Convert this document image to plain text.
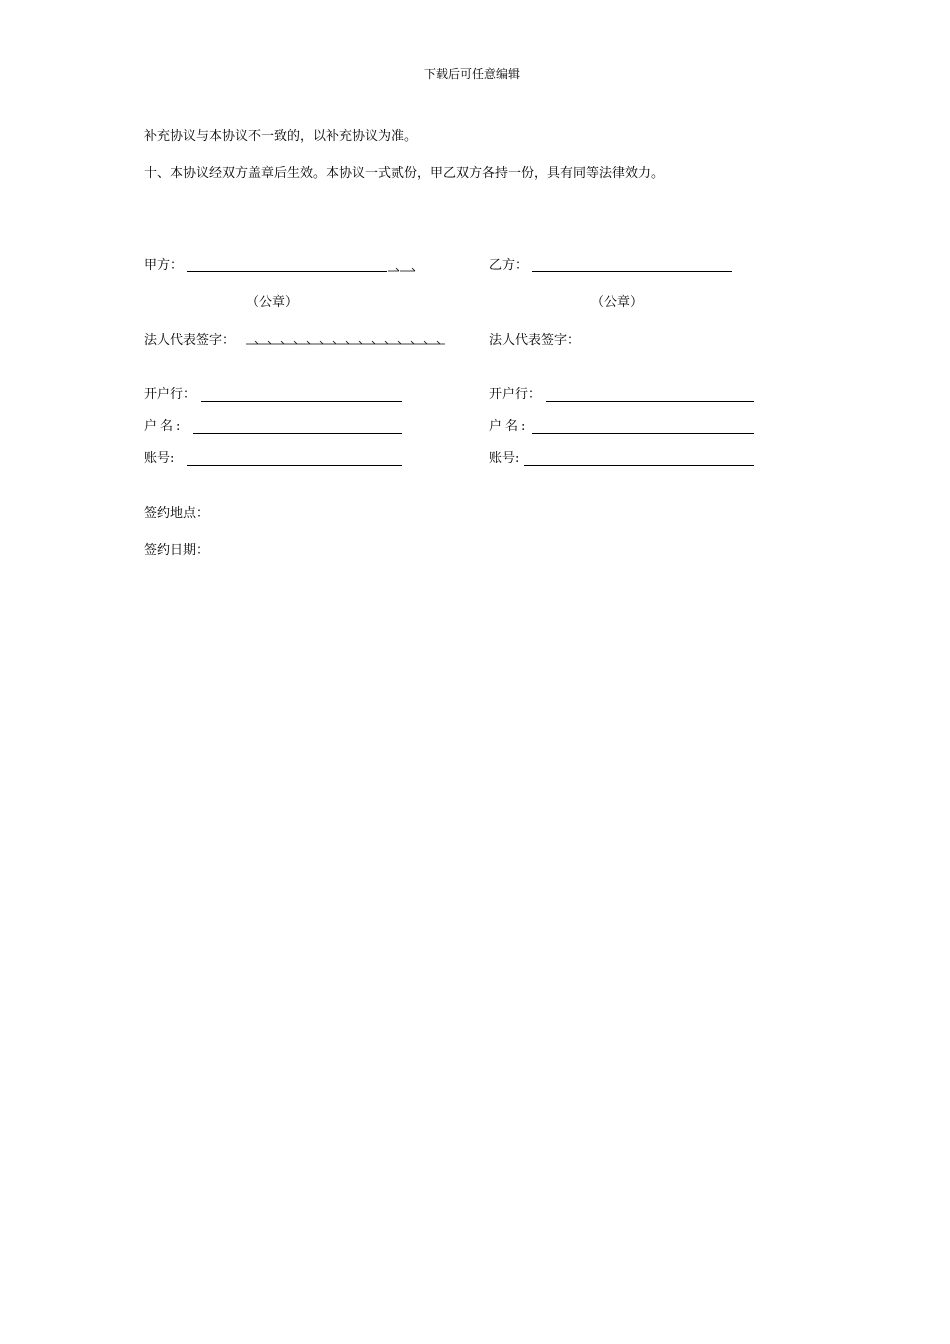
下载后可任意编辑
补充协议与本协议不一致的，以补充协议为准。
十、本协议经双方盖章后生效。本协议一式贰份，甲乙双方各持一份，具有同等法律效力。
甲方：
（公章）
法人代表签字：
开户行：
户名:
账号:
乙方：
（公章）
法人代表签字：
开户行：
户名:
账号:
签约地点：
签约日期：
